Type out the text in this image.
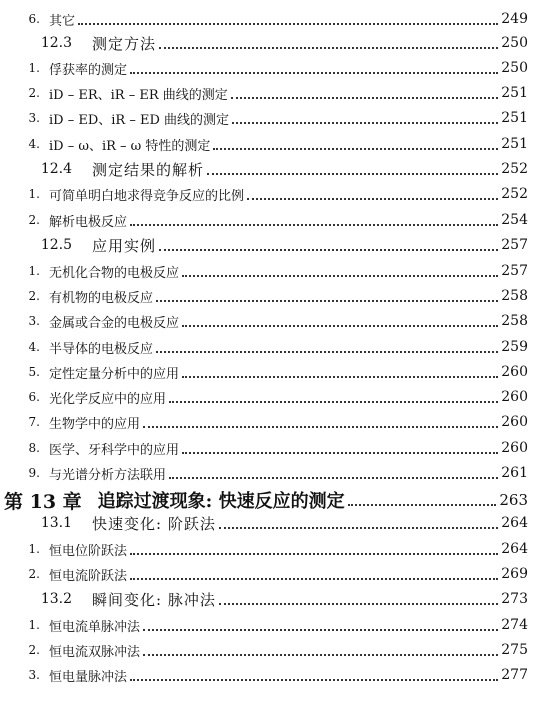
6. 其它	249
12.3	测定方法	250
1. 俘获率的测定	250
2. iD – ER、iR – ER 曲线的测定	251
3. iD – ED、iR – ED 曲线的测定	251
4. iD – ω、iR – ω 特性的测定	251
12.4	测定结果的解析	252
1. 可简单明白地求得竞争反应的比例	252
2. 解析电极反应	254
12.5	应用实例	257
1. 无机化合物的电极反应	257
2. 有机物的电极反应	258
3. 金属或合金的电极反应	258
4. 半导体的电极反应	259
5. 定性定量分析中的应用	260
6. 光化学反应中的应用	260
7. 生物学中的应用	260
8. 医学、牙科学中的应用	260
9. 与光谱分析方法联用	261
第 13 章 追踪过渡现象: 快速反应的测定	263
13.1	快速变化: 阶跃法	264
1. 恒电位阶跃法	264
2. 恒电流阶跃法	269
13.2	瞬间变化: 脉冲法	273
1. 恒电流单脉冲法	274
2. 恒电流双脉冲法	275
3. 恒电量脉冲法	277
